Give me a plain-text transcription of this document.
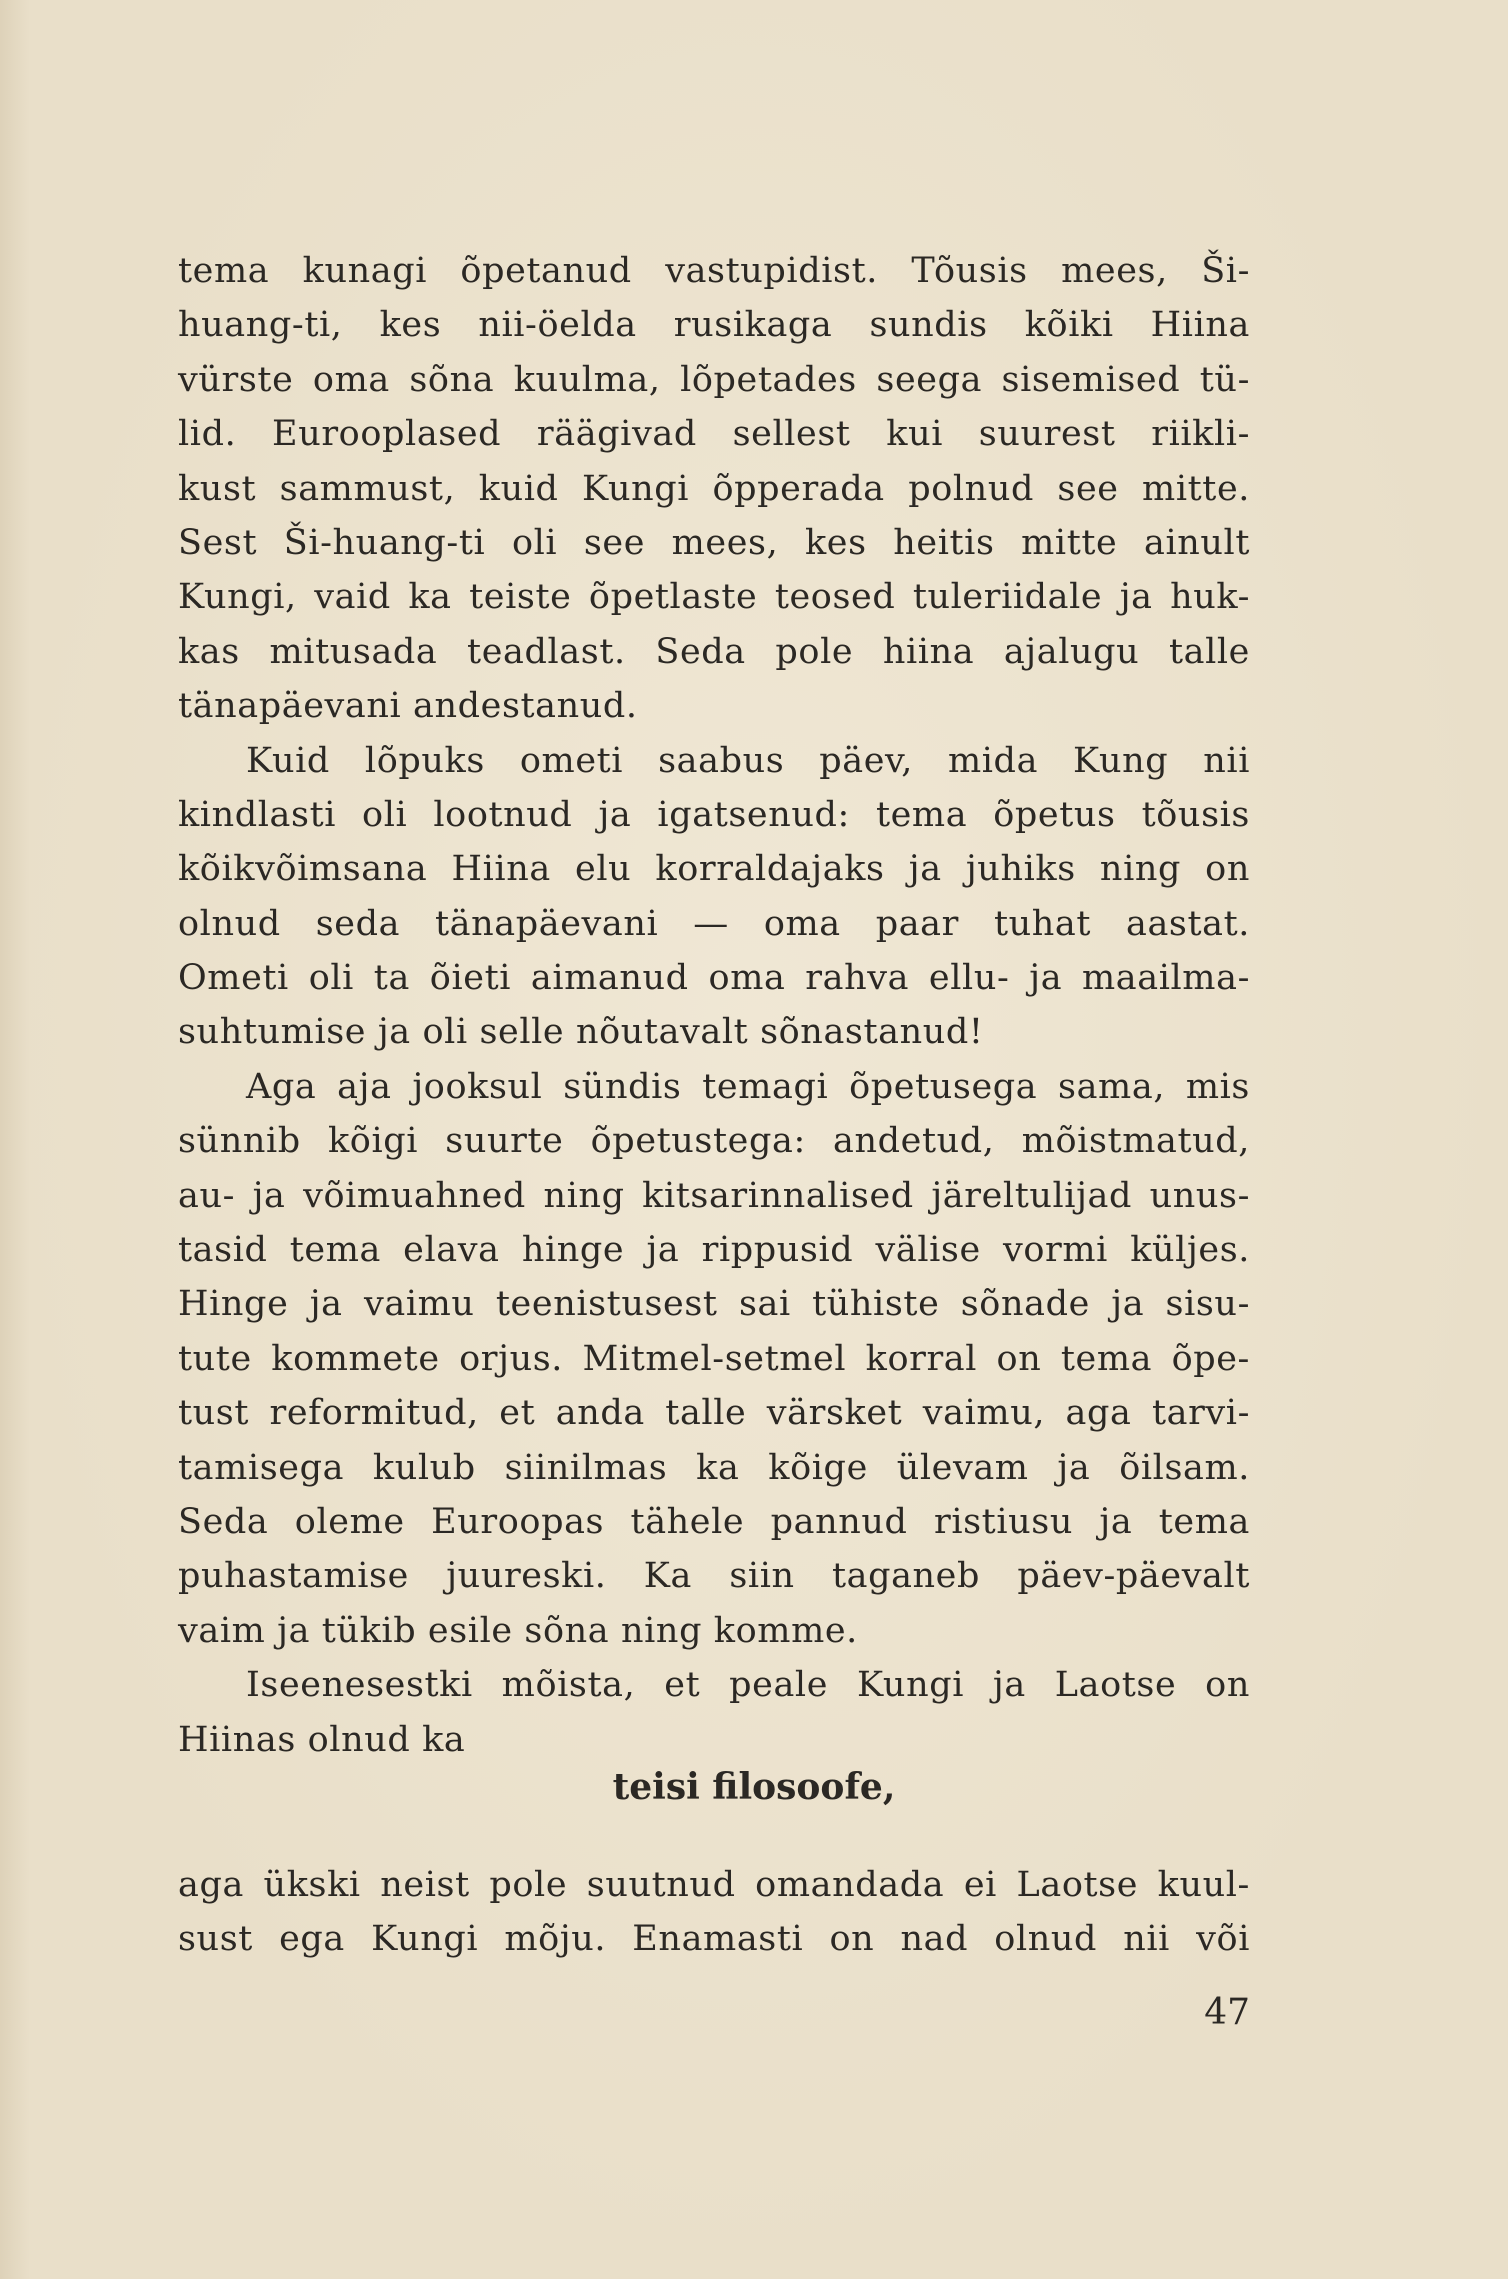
tema kunagi õpetanud vastupidist. Tõusis mees, Ši-
huang-ti, kes nii-öelda rusikaga sundis kõiki Hiina
vürste oma sõna kuulma, lõpetades seega sisemised tü-
lid. Eurooplased räägivad sellest kui suurest riikli-
kust sammust, kuid Kungi õpperada polnud see mitte.
Sest Ši-huang-ti oli see mees, kes heitis mitte ainult
Kungi, vaid ka teiste õpetlaste teosed tuleriidale ja huk-
kas mitusada teadlast. Seda pole hiina ajalugu talle
tänapäevani andestanud.
Kuid lõpuks ometi saabus päev, mida Kung nii
kindlasti oli lootnud ja igatsenud: tema õpetus tõusis
kõikvõimsana Hiina elu korraldajaks ja juhiks ning on
olnud seda tänapäevani — oma paar tuhat aastat.
Ometi oli ta õieti aimanud oma rahva ellu- ja maailma-
suhtumise ja oli selle nõutavalt sõnastanud!
Aga aja jooksul sündis temagi õpetusega sama, mis
sünnib kõigi suurte õpetustega: andetud, mõistmatud,
au- ja võimuahned ning kitsarinnalised järeltulijad unus-
tasid tema elava hinge ja rippusid välise vormi küljes.
Hinge ja vaimu teenistusest sai tühiste sõnade ja sisu-
tute kommete orjus. Mitmel-setmel korral on tema õpe-
tust reformitud, et anda talle värsket vaimu, aga tarvi-
tamisega kulub siinilmas ka kõige ülevam ja õilsam.
Seda oleme Euroopas tähele pannud ristiusu ja tema
puhastamise juureski. Ka siin taganeb päev-päevalt
vaim ja tükib esile sõna ning komme.
Iseenesestki mõista, et peale Kungi ja Laotse on
Hiinas olnud ka
teisi filosoofe,
aga ükski neist pole suutnud omandada ei Laotse kuul-
sust ega Kungi mõju. Enamasti on nad olnud nii või
47
